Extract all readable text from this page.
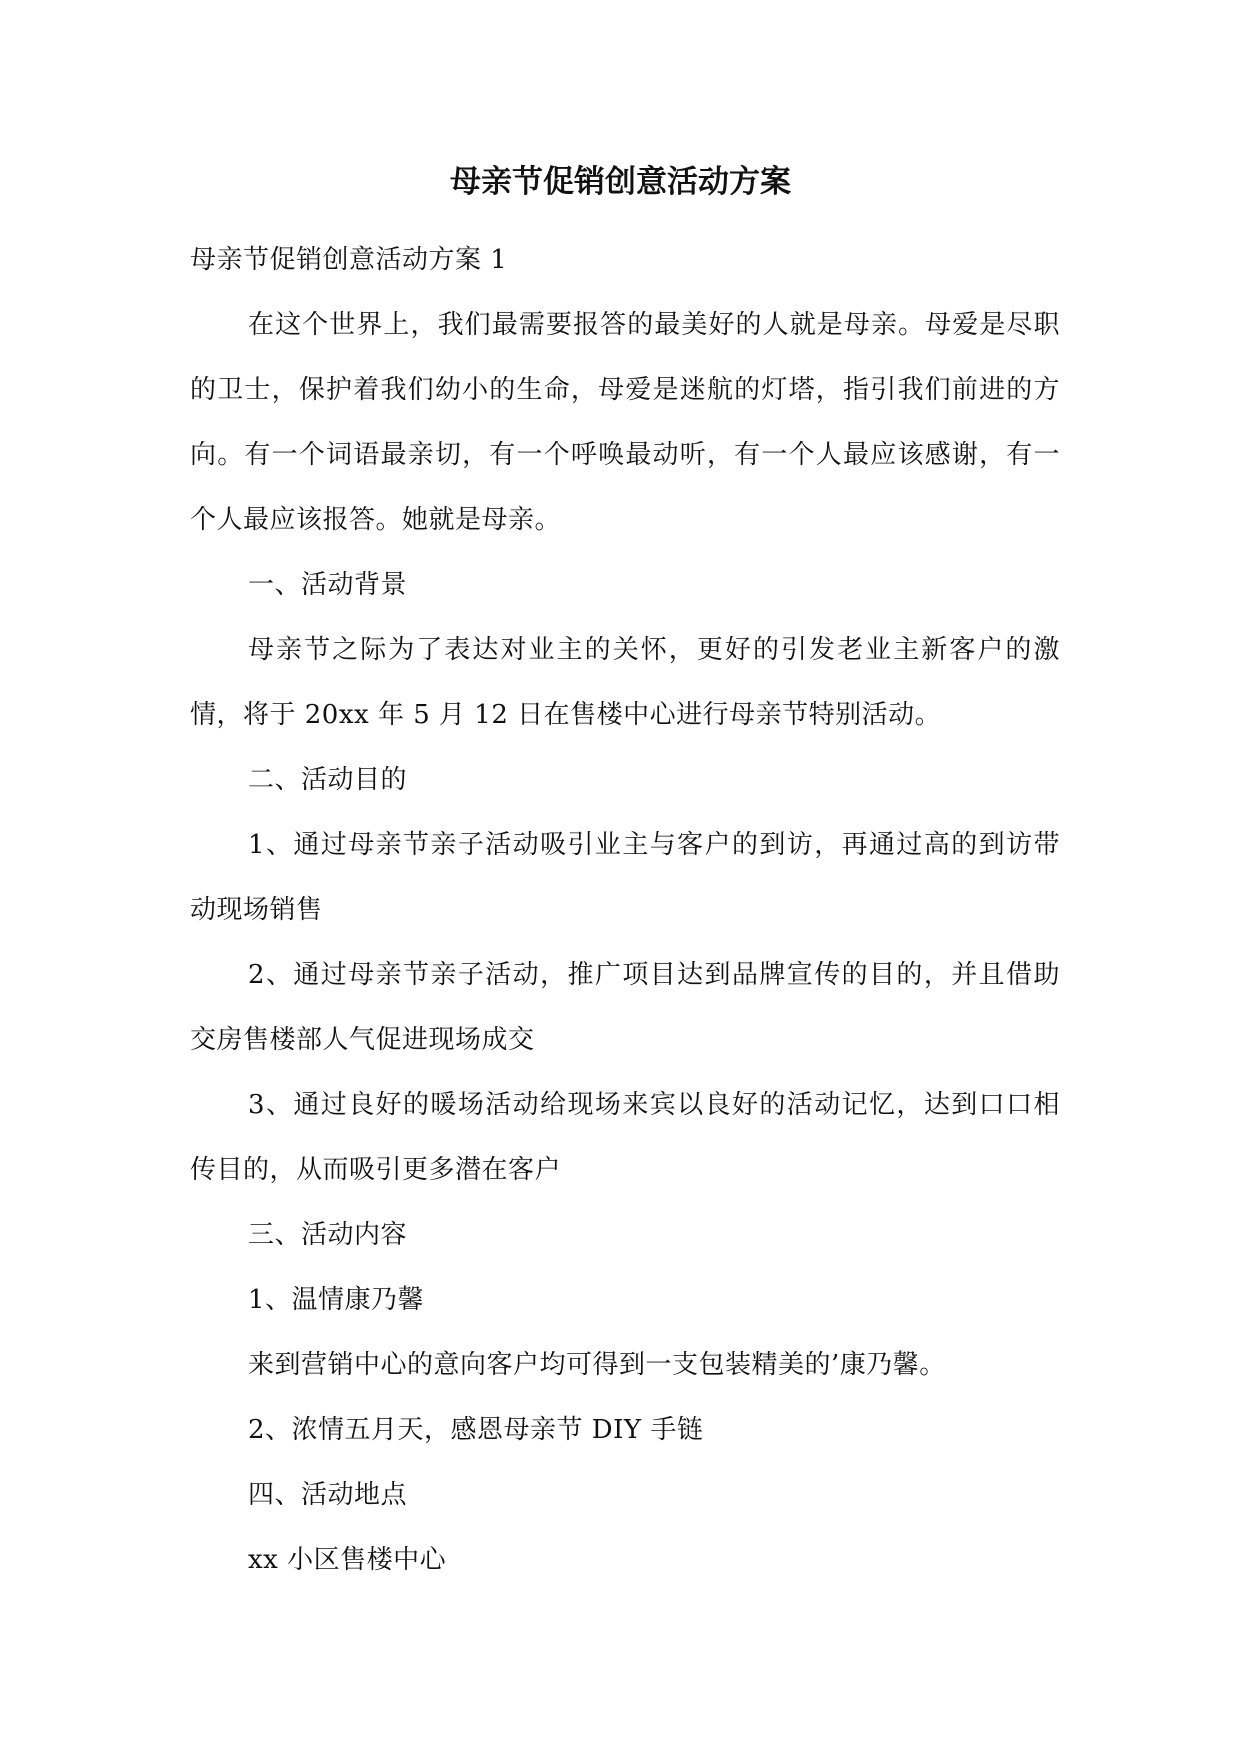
母亲节促销创意活动方案

母亲节促销创意活动方案 1

在这个世界上，我们最需要报答的最美好的人就是母亲。母爱是尽职的卫士，保护着我们幼小的生命，母爱是迷航的灯塔，指引我们前进的方向。有一个词语最亲切，有一个呼唤最动听，有一个人最应该感谢，有一个人最应该报答。她就是母亲。

一、活动背景

母亲节之际为了表达对业主的关怀，更好的引发老业主新客户的激情，将于 20xx 年 5 月 12 日在售楼中心进行母亲节特别活动。

二、活动目的

1、通过母亲节亲子活动吸引业主与客户的到访，再通过高的到访带动现场销售

2、通过母亲节亲子活动，推广项目达到品牌宣传的目的，并且借助交房售楼部人气促进现场成交

3、通过良好的暖场活动给现场来宾以良好的活动记忆，达到口口相传目的，从而吸引更多潜在客户

三、活动内容

1、温情康乃馨

来到营销中心的意向客户均可得到一支包装精美的’康乃馨。

2、浓情五月天，感恩母亲节 DIY 手链

四、活动地点

xx 小区售楼中心
